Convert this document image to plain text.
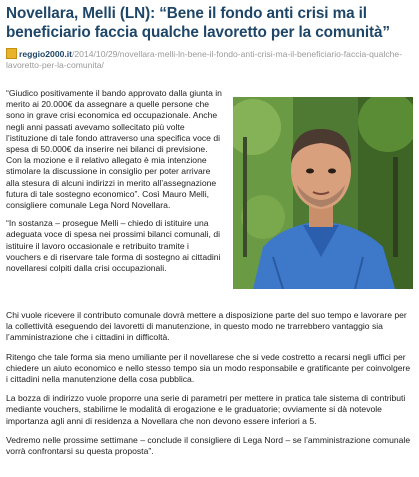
Novellara, Melli (LN): “Bene il fondo anti crisi ma il beneficiario faccia qualche lavoretto per la comunità”
reggio2000.it/2014/10/29/novellara-melli-ln-bene-il-fondo-anti-crisi-ma-il-beneficiario-faccia-qualche-lavoretto-per-la-comunita/

“Giudico positivamente il bando approvato dalla giunta in merito ai 20.000€ da assegnare a quelle persone che sono in grave crisi economica ed occupazionale. Anche negli anni passati avevamo sollecitato più volte l’istituzione di tale fondo attraverso una specifica voce di spesa di 50.000€ da inserire nei bilanci di previsione. Con la mozione e il relativo allegato è mia intenzione stimolare la discussione in consiglio per poter arrivare alla stesura di alcuni indirizzi in merito all’assegnazione futura di tale sostegno economico”. Così Mauro Melli, consigliere comunale Lega Nord Novellara.

“In sostanza – prosegue Melli – chiedo di istituire una adeguata voce di spesa nei prossimi bilanci comunali, di istituire il lavoro occasionale e retribuito tramite i vouchers e di riservare tale forma di sostegno ai cittadini novellaresi colpiti dalla crisi occupazionali.

Chi vuole ricevere il contributo comunale dovrà mettere a disposizione parte del suo tempo e lavorare per la collettività eseguendo dei lavoretti di manutenzione, in questo modo ne trarrebbero vantaggio sia l’amministrazione che i cittadini in difficoltà.

Ritengo che tale forma sia meno umiliante per il novellarese che si vede costretto a recarsi negli uffici per chiedere un aiuto economico e nello stesso tempo sia un modo responsabile e gratificante per coinvolgere i cittadini nella manutenzione della cosa pubblica.

La bozza di indirizzo vuole proporre una serie di parametri per mettere in pratica tale sistema di contributi mediante vouchers, stabilirne le modalità di erogazione e le graduatorie; ovviamente si dà notevole importanza agli anni di residenza a Novellara che non devono essere inferiori a 5.

Vedremo nelle prossime settimane – conclude il consigliere di Lega Nord – se l’amministrazione comunale vorrà confrontarsi su questa proposta”.
